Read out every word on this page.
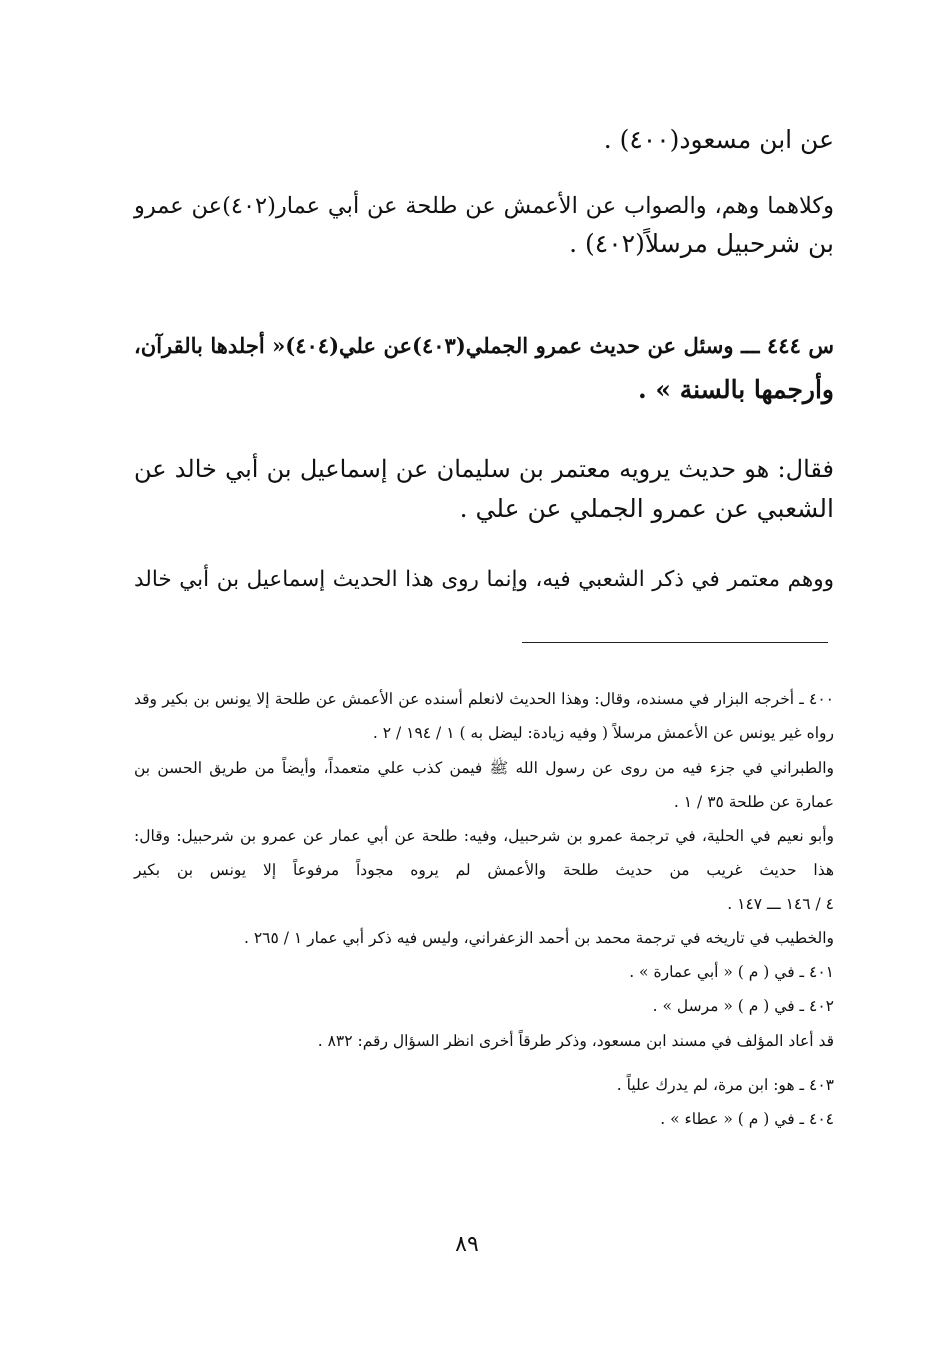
عن ابن مسعود(٤٠٠) .
وكلاهما وهم، والصواب عن الأعمش عن طلحة عن أبي عمار(٤٠٢)عن عمرو
بن شرحبيل مرسلاً(٤٠٢) .
س ٤٤٤ ـــ وسئل عن حديث عمرو الجملي(٤٠٣)عن علي(٤٠٤)« أجلدها بالقرآن،
وأرجمها بالسنة » .
فقال: هو حديث يرويه معتمر بن سليمان عن إسماعيل بن أبي خالد عن
الشعبي عن عمرو الجملي عن علي .
ووهم معتمر في ذكر الشعبي فيه، وإنما روى هذا الحديث إسماعيل بن أبي خالد
٤٠٠ ـ أخرجه البزار في مسنده، وقال: وهذا الحديث لانعلم أسنده عن الأعمش عن طلحة إلا يونس بن بكير وقد
رواه غير يونس عن الأعمش مرسلاً ( وفيه زيادة: ليضل به ) ١ / ١٩٤ / ٢ .
والطبراني في جزء فيه من روى عن رسول الله ﷺ فيمن كذب علي متعمداً، وأيضاً من طريق الحسن بن
عمارة عن طلحة ٣٥ / ١ .
وأبو نعيم في الحلية، في ترجمة عمرو بن شرحبيل، وفيه: طلحة عن أبي عمار عن عمرو بن شرحبيل: وقال:
هذا حديث غريب من حديث طلحة والأعمش لم يروه مجوداً مرفوعاً إلا يونس بن بكير
٤ / ١٤٦ ـــ ١٤٧ .
والخطيب في تاريخه في ترجمة محمد بن أحمد الزعفراني، وليس فيه ذكر أبي عمار ١ / ٢٦٥ .
٤٠١ ـ في ( م ) « أبي عمارة » .
٤٠٢ ـ في ( م ) « مرسل » .
قد أعاد المؤلف في مسند ابن مسعود، وذكر طرقاً أخرى انظر السؤال رقم: ٨٣٢ .
٤٠٣ ـ هو: ابن مرة، لم يدرك علياً .
٤٠٤ ـ في ( م ) « عطاء » .
٨٩
